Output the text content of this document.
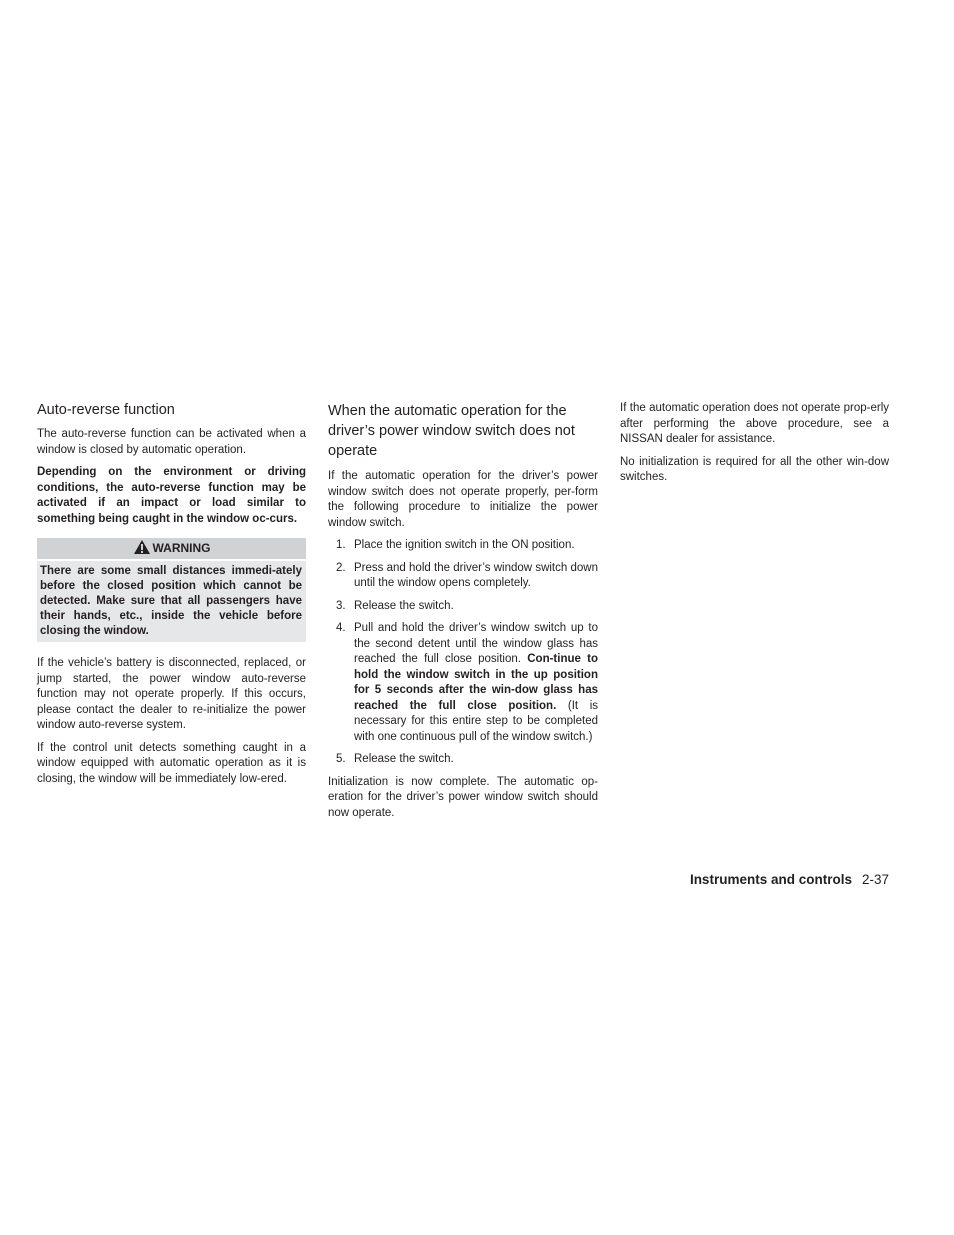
Auto-reverse function

The auto-reverse function can be activated when a window is closed by automatic operation.

Depending on the environment or driving conditions, the auto-reverse function may be activated if an impact or load similar to something being caught in the window oc-curs.

WARNING
There are some small distances immedi-ately before the closed position which cannot be detected. Make sure that all passengers have their hands, etc., inside the vehicle before closing the window.

If the vehicle’s battery is disconnected, replaced, or jump started, the power window auto-reverse function may not operate properly. If this occurs, please contact the dealer to re-initialize the power window auto-reverse system.

If the control unit detects something caught in a window equipped with automatic operation as it is closing, the window will be immediately low-ered.

When the automatic operation for the driver’s power window switch does not operate

If the automatic operation for the driver’s power window switch does not operate properly, per-form the following procedure to initialize the power window switch.

1. Place the ignition switch in the ON position.
2. Press and hold the driver’s window switch down until the window opens completely.
3. Release the switch.
4. Pull and hold the driver’s window switch up to the second detent until the window glass has reached the full close position. Con-tinue to hold the window switch in the up position for 5 seconds after the win-dow glass has reached the full close position. (It is necessary for this entire step to be completed with one continuous pull of the window switch.)
5. Release the switch.

Initialization is now complete. The automatic op-eration for the driver’s power window switch should now operate.

If the automatic operation does not operate prop-erly after performing the above procedure, see a NISSAN dealer for assistance.

No initialization is required for all the other win-dow switches.

Instruments and controls 2-37
